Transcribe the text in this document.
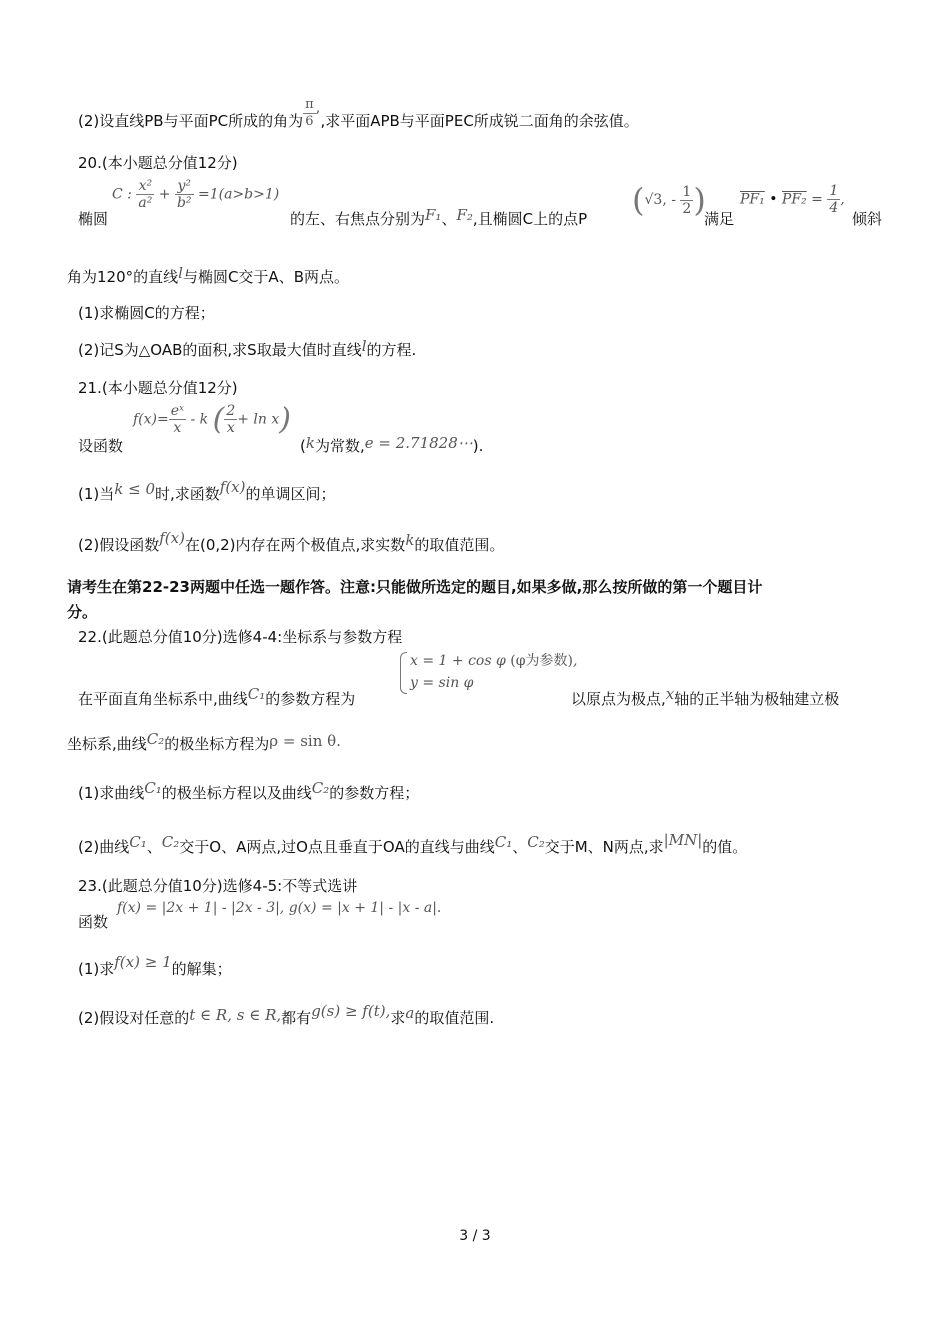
(2)设直线PB与平面PC所成的角为 $\frac{\pi}{6}$ ,,求平面APB与平面PEC所成锐二面角的余弦值。
20.(本小题总分值12分)
椭圆
C : $\frac{\text{x²}}{\text{a²}} + \frac{\text{y²}}{\text{b²}} =1(a>b>1)$
的左、右焦点分别为F₁、F₂,且椭圆C上的点P (√3, - $\frac{1}{2}$ )
满足
PF₁ • $PF_2 = \frac{1}{4}$ ,
倾斜
角为120°的直线l与椭圆C交于A、B两点。
(1)求椭圆C的方程；
(2)记S为△OAB的面积,求S取最大值时直线l的方程.
21.(本小题总分值12分)
设函数
$f(x)= \frac{\text{eˣ}}{x} - k$ ( $\frac{2}{x} + \ln x$)
(k为常数,e = 2.71828⋯).
(1)当k ≤ 0时,求函数f(x)的单调区间；
(2)假设函数f(x)在(0,2)内存在两个极值点,求实数k的取值范围。
请考生在第22-23两题中任选一题作答。注意:只能做所选定的题目,如果多做,那么按所做的第一个题目计
分。
22.(此题总分值10分)选修4-4:坐标系与参数方程
在平面直角坐标系中,曲线C₁的参数方程为
x = 1 + cos φ (φ为参数),
y = sin φ
以原点为极点,x轴的正半轴为极轴建立极
坐标系,曲线C₂的极坐标方程为ρ = sin θ.
(1)求曲线C₁的极坐标方程以及曲线C₂的参数方程；
(2)曲线C₁、C₂交于O、A两点,过O点且垂直于OA的直线与曲线C₁、C₂交于M、N两点,求|MN|的值。
23.(此题总分值10分)选修4-5:不等式选讲
函数
f(x) = |2x + 1| - |2x - 3|, g(x) = |x + 1| - |x - a|.
(1)求f(x) ≥ 1的解集；
(2)假设对任意的t ∈ R, s ∈ R,都有g(s) ≥ f(t),求a的取值范围.
3 / 3
